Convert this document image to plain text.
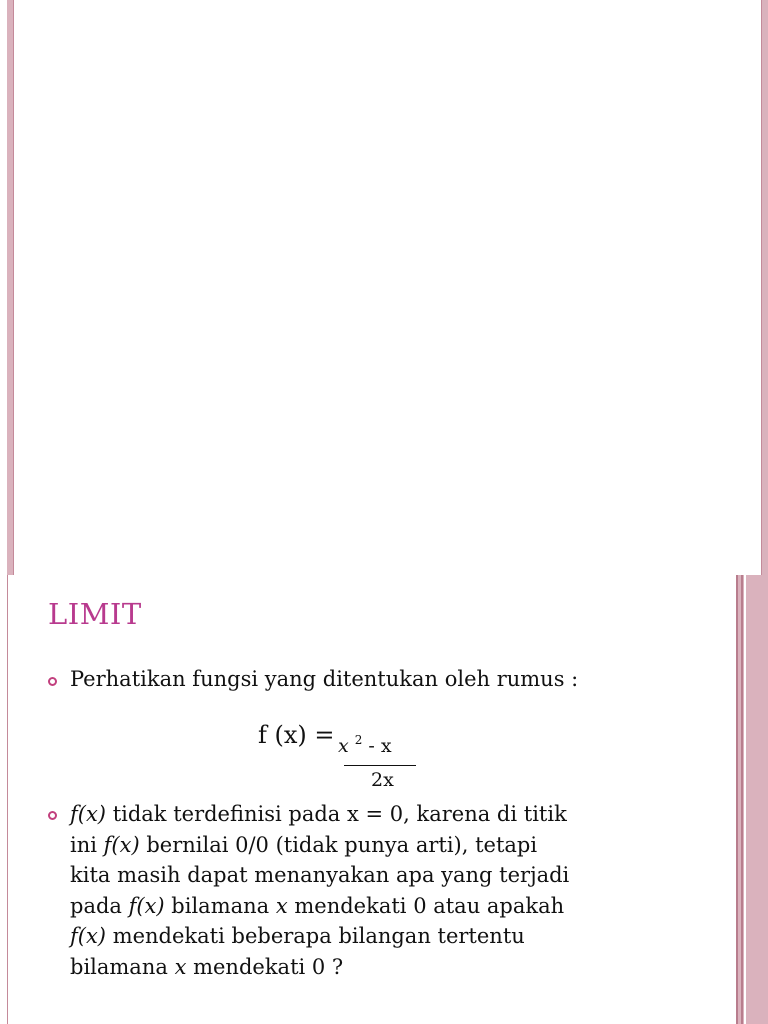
LIMIT
Perhatikan fungsi yang ditentukan oleh rumus :
f (x) = x $^2$ - x
2x
f(x) tidak terdefinisi pada x = 0, karena di titik
ini f(x) bernilai 0/0 (tidak punya arti), tetapi
kita masih dapat menanyakan apa yang terjadi
pada f(x) bilamana x mendekati 0 atau apakah
f(x) mendekati beberapa bilangan tertentu
bilamana x mendekati 0 ?
